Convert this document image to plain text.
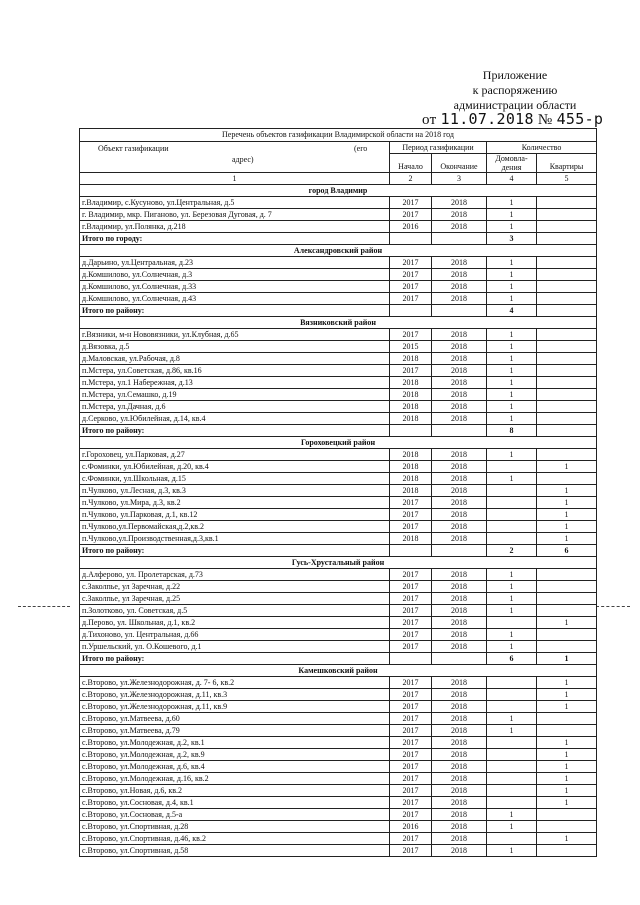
Приложение
к распоряжению
администрации области
от 11.07.2018 № 455-р
Перечень объектов газификации Владимирской области на 2018 год				

Объект газификации (его
адрес)	Период газификации		Количество	
	Начало	Окончание	Домовла-
дения	Квартиры
1	2	3	4	5
город Владимир				
г.Владимир, с.Кусуново, ул.Центральная, д.5	2017	2018	1	
г. Владимир, мкр. Пиганово, ул. Березовая Дуговая, д. 7	2017	2018	1	
г.Владимир, ул.Полянка, д.218	2016	2018	1	
Итого по городу:			3	
Александровский район				
д.Дарьино, ул.Центральная, д.23	2017	2018	1	
д.Комшилово, ул.Солнечная, д.3	2017	2018	1	
д.Комшилово, ул.Солнечная, д.33	2017	2018	1	
д.Комшилово, ул.Солнечная, д.43	2017	2018	1	
Итого по району:			4	
Вязниковский район				
г.Вязники, м-н Нововязники, ул.Клубная, д.65	2017	2018	1	
д.Вязовка, д.5	2015	2018	1	
д.Маловская, ул.Рабочая, д.8	2018	2018	1	
п.Мстера, ул.Советская, д.86, кв.16	2017	2018	1	
п.Мстера, ул.1 Набережная, д.13	2018	2018	1	
п.Мстера, ул.Семашко, д.19	2018	2018	1	
п.Мстера, ул.Дачная, д.6	2018	2018	1	
д.Серково, ул.Юбилейная, д.14, кв.4	2018	2018	1	
Итого по району:			8	
Гороховецкий район				
г.Гороховец, ул.Парковая, д.27	2018	2018	1	
с.Фоминки, ул.Юбилейная, д.20, кв.4	2018	2018		1
с.Фоминки, ул.Школьная, д.15	2018	2018	1	
п.Чулково, ул.Лесная, д.3, кв.3	2018	2018		1
п.Чулково, ул.Мира, д.3, кв.2	2017	2018		1
п.Чулково, ул.Парковая, д.1, кв.12	2017	2018		1
п.Чулково,ул.Первомайская,д.2,кв.2	2017	2018		1
п.Чулково,ул.Производственная,д.3,кв.1	2018	2018		1
Итого по району:			2	6
Гусь-Хрустальный район				
д.Алферово, ул. Пролетарская, д.73	2017	2018	1	
с.Заколпье, ул Заречная, д.22	2017	2018	1	
с.Заколпье, ул Заречная, д.25	2017	2018	1	
п.Золотково, ул. Советская, д.5	2017	2018	1	
д.Перово, ул. Школьная, д.1, кв.2	2017	2018		1
д.Тихоново, ул. Центральная, д.66	2017	2018	1	
п.Уршельский, ул. О.Кошевого, д.1	2017	2018	1	
Итого по району:			6	1
Камешковский район				
с.Второво, ул.Железнодорожная, д. 7- 6, кв.2	2017	2018		1
с.Второво, ул.Железнодорожная, д.11, кв.3	2017	2018		1
с.Второво, ул.Железнодорожная, д.11, кв.9	2017	2018		1
с.Второво, ул.Матвеева, д.60	2017	2018	1	
с.Второво, ул.Матвеева, д.79	2017	2018	1	
с.Второво, ул.Молодежная, д.2, кв.1	2017	2018		1
с.Второво, ул.Молодежная, д.2, кв.9	2017	2018		1
с.Второво, ул.Молодежная, д.6, кв.4	2017	2018		1
с.Второво, ул.Молодежная, д.16, кв.2	2017	2018		1
с.Второво, ул.Новая, д.6, кв.2	2017	2018		1
с.Второво, ул.Сосновая, д.4, кв.1	2017	2018		1
с.Второво, ул.Сосновая, д.5-а	2017	2018	1	
с.Второво, ул.Спортивная, д.28	2016	2018	1	
с.Второво, ул.Спортивная, д.46, кв.2	2017	2018		1
с.Второво, ул.Спортивная, д.58	2017	2018	1	
